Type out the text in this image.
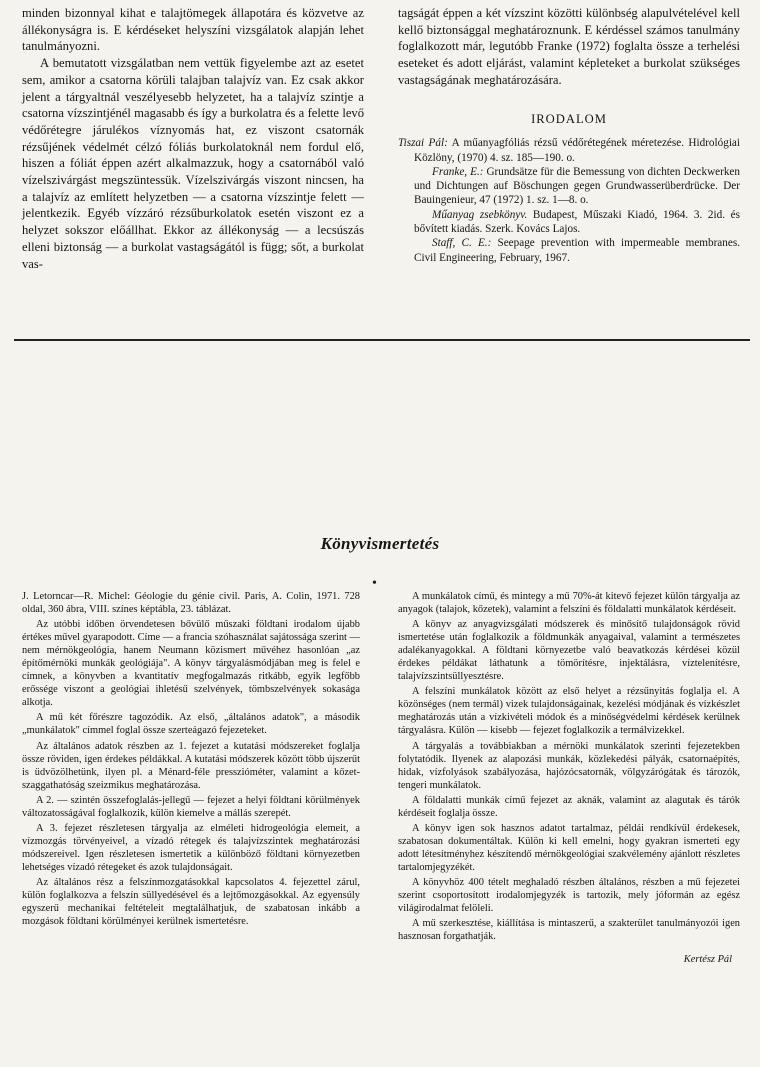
minden bizonnyal kihat e talajtömegek állapotára és közvetve az állékonyságra is. E kérdéseket helyszíni vizsgálatok alapján lehet tanulmányozni.

A bemutatott vizsgálatban nem vettük figyelembe azt az esetet sem, amikor a csatorna körüli talajban talajvíz van. Ez csak akkor jelent a tárgyaltnál veszélyesebb helyzetet, ha a talajvíz szintje a csatorna vízszintjénél magasabb és így a burkolatra és a felette levő védőrétegre járulékos víznyomás hat, ez viszont csatornák rézsűjének védelmét célzó fóliás burkolatoknál nem fordul elő, hiszen a fóliát éppen azért alkalmazzuk, hogy a csatornából való vízelszivárgást megszüntessük. Vízelszivárgás viszont nincsen, ha a talajvíz az említett helyzetben — a csatorna vízszintje felett — jelentkezik. Egyéb vízzáró rézsűburkolatok esetén viszont ez a helyzet sokszor előállhat. Ekkor az állékonyság — a lecsúszás elleni biztonság — a burkolat vastagságától is függ; sőt, a burkolat vas-

tagságát éppen a két vízszint közötti különbség alapulvételével kell kellő biztonsággal meghatároznunk. E kérdéssel számos tanulmány foglalkozott már, legutóbb Franke (1972) foglalta össze a terhelési eseteket és adott eljárást, valamint képleteket a burkolat szükséges vastagságának meghatározására.

IRODALOM

Tiszai Pál: A műanyagfóliás rézsű védőrétegének méretezése. Hidrológiai Közlöny, (1970) 4. sz. 185—190. o.

Franke, E.: Grundsätze für die Bemessung von dichten Deckwerken und Dichtungen auf Böschungen gegen Grundwasserüberdrücke. Der Bauingenieur, 47 (1972) 1. sz. 1—8. o.

Műanyag zsebkönyv. Budapest, Műszaki Kiadó, 1964. 3. 2id. és bővített kiadás. Szerk. Kovács Lajos.

Staff, C. E.: Seepage prevention with impermeable membranes. Civil Engineering, February, 1967.

Könyvismertetés
•

J. Letorncar—R. Michel: Géologie du génie civil. Paris, A. Colin, 1971. 728 oldal, 360 ábra, VIII. színes képtábla, 23. táblázat.

Az utóbbi időben örvendetesen bővülő műszaki földtani irodalom újabb értékes művel gyarapodott. Címe — a francia szóhasználat sajátossága szerint — nem mérnökgeológia, hanem Neumann közismert művéhez hasonlóan „az építőmérnöki munkák geológiája". A könyv tárgyalásmódjában meg is felel e címnek, a könyvben a kvantitatív megfogalmazás ritkább, egyik legfőbb erőssége viszont a geológiai ihletésű szelvények, tömbszelvények sokasága alkotja.

A mű két főrészre tagozódik. Az első, „általános adatok", a második „munkálatok" címmel foglal össze szerteágazó fejezeteket.

Az általános adatok részben az 1. fejezet a kutatási módszereket foglalja össze röviden, igen érdekes példákkal. A kutatási módszerek között több újszerűt is üdvözölhetünk, ilyen pl. a Ménard-féle presszióméter, valamint a kőzet-szaggathatóság szeizmikus meghatározása.

A 2. — szintén összefoglalás-jellegű — fejezet a helyi földtani körülmények változatosságával foglalkozik, külön kiemelve a mállás szerepét.

A 3. fejezet részletesen tárgyalja az elméleti hidrogeológia elemeit, a vízmozgás törvényeivel, a vízadó rétegek és talajvízszintek meghatározási módszereivel. Igen részletesen ismertetik a különböző földtani környezetben lehetséges vízadó rétegeket és azok tulajdonságait.

Az általános rész a felszínmozgatásokkal kapcsolatos 4. fejezettel zárul, külön foglalkozva a felszín süllyedésével és a lejtőmozgásokkal. Az egyensúly egyszerű mechanikai feltételeit megtalálhatjuk, de szabatosan inkább a mozgások földtani körülményei kerülnek ismertetésre.

A munkálatok című, és mintegy a mű 70%-át kitevő fejezet külön tárgyalja az anyagok (talajok, kőzetek), valamint a felszíni és földalatti munkálatok kérdéseit.

A könyv az anyagvizsgálati módszerek és minősítő tulajdonságok rövid ismertetése után foglalkozik a földmunkák anyagaival, valamint a természetes adalékanyagokkal. A földtani környezetbe való beavatkozás kérdései közül érdekes példákat láthatunk a tömörítésre, injektálásra, víztelenítésre, talajvízszintsüllyesztésre.

A felszíni munkálatok között az első helyet a rézsűnyitás foglalja el. A közönséges (nem termál) vizek tulajdonságainak, kezelési módjának és vízkészlet meghatározás után a vízkivételi módok és a minőségvédelmi kérdések kerülnek tárgyalásra. Külön — kisebb — fejezet foglalkozik a termálvizekkel.

A tárgyalás a továbbiakban a mérnöki munkálatok szerinti fejezetekben folytatódik. Ilyenek az alapozási munkák, közlekedési pályák, csatornaépítés, hidak, vízfolyások szabályozása, hajózócsatornák, völgyzárógátak és tározók, tengeri munkálatok.

A földalatti munkák című fejezet az aknák, valamint az alagutak és tárók kérdéseit foglalja össze.

A könyv igen sok hasznos adatot tartalmaz, példái rendkívül érdekesek, szabatosan dokumentáltak. Külön ki kell emelni, hogy gyakran ismerteti egy adott létesítményhez készítendő mérnökgeológiai szakvélemény ajánlott részletes tartalomjegyzékét.

A könyvhöz 400 tételt meghaladó részben általános, részben a mű fejezetei szerint csoportosított irodalomjegyzék is tartozik, mely jóformán az egész világirodalmat felöleli.

A mű szerkesztése, kiállítása is mintaszerű, a szakterület tanulmányozói igen hasznosan forgathatják.

Kertész Pál
